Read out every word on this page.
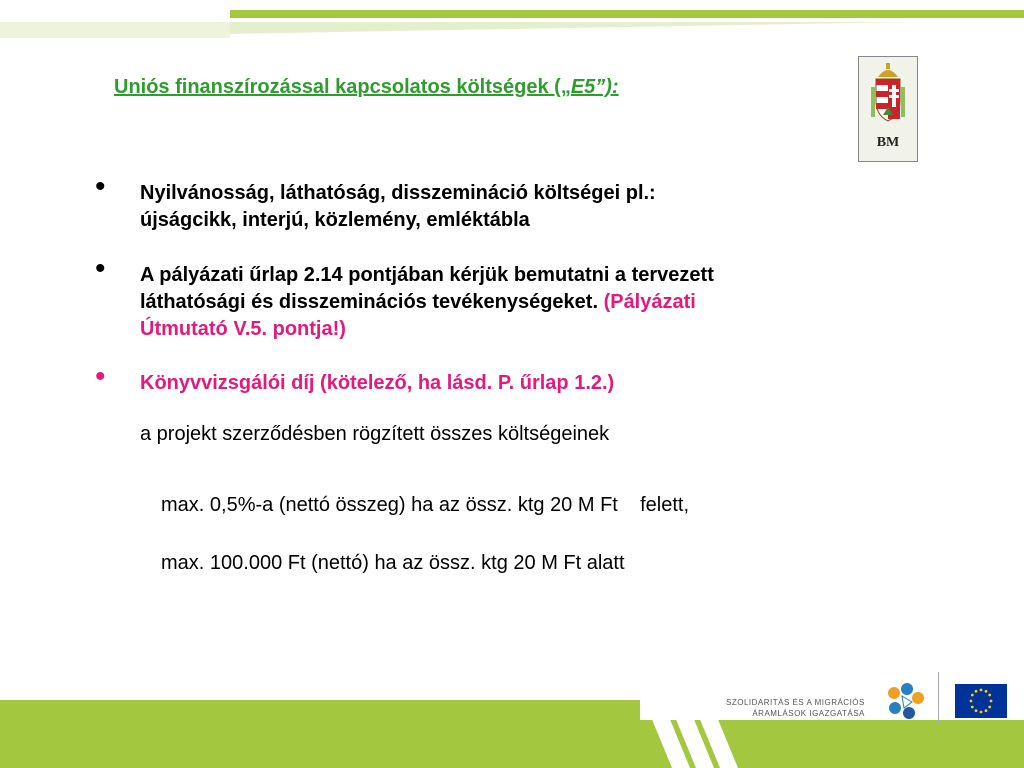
Uniós finanszírozással kapcsolatos költségek („E5”):
BM
• Nyilvánosság, láthatóság, disszemináció költségei pl.:

újságcikk, interjú, közlemény, emléktábla

• A pályázati űrlap 2.14 pontjában kérjük bemutatni a tervezett

láthatósági és disszeminációs tevékenységeket. (Pályázati

Útmutató V.5. pontja!)

• Könyvvizsgálói díj (kötelező, ha lásd. P. űrlap 1.2.)

a projekt szerződésben rögzített összes költségeinek

max. 0,5%-a (nettó összeg) ha az össz. ktg 20 M Ft    felett,

max. 100.000 Ft (nettó) ha az össz. ktg 20 M Ft alatt

SZOLIDARITÁS ÉS A MIGRÁCIÓS
ÁRAMLÁSOK IGAZGATÁSA
